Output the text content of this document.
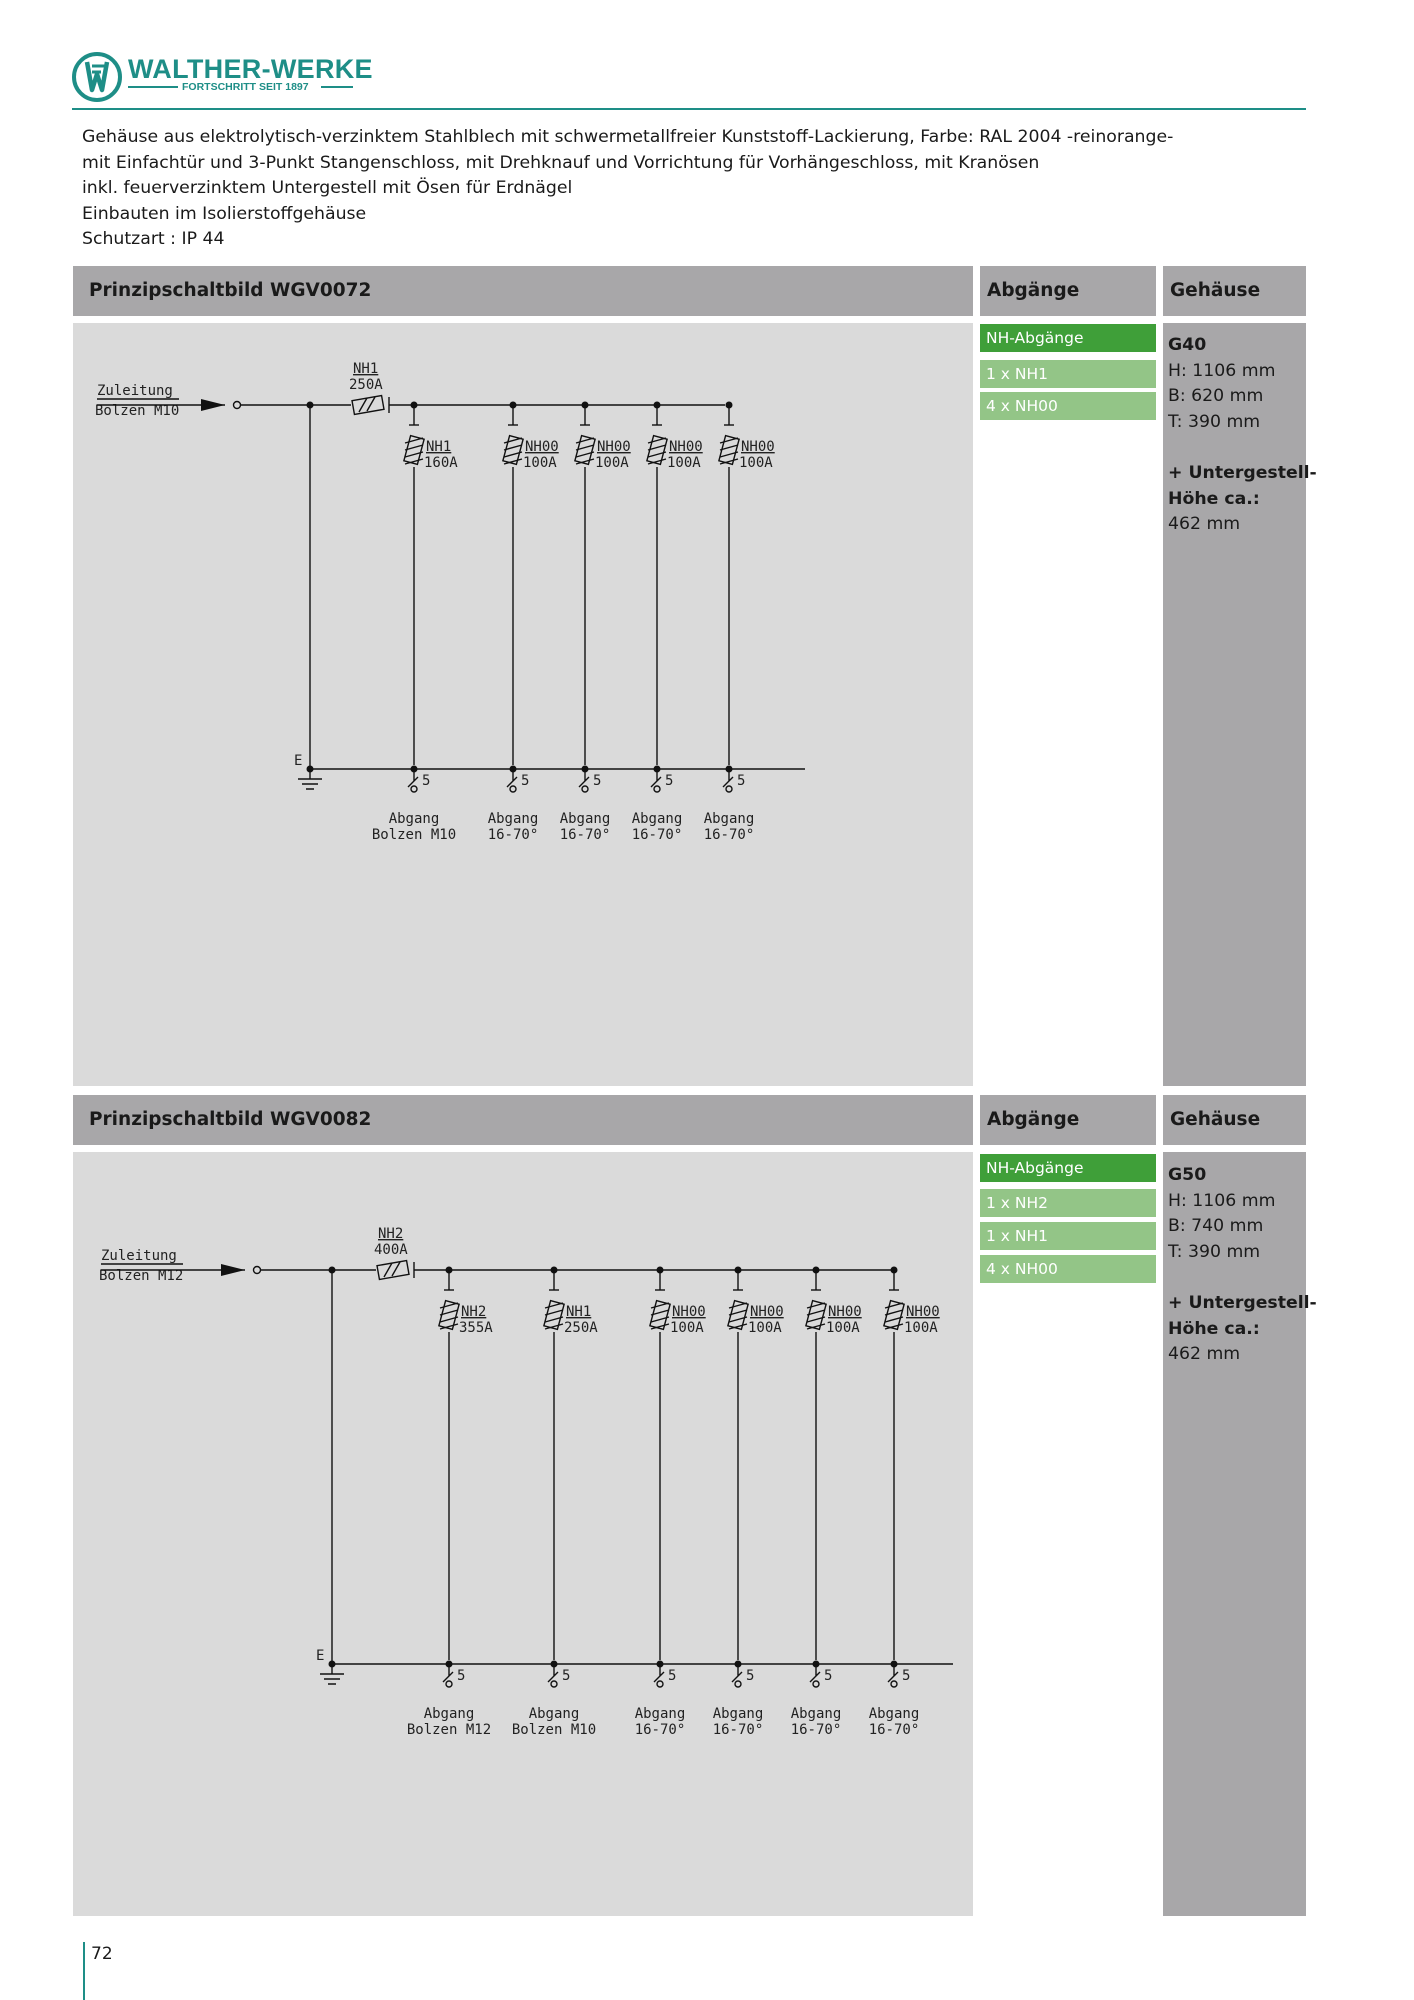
WALTHER-WERKE
FORTSCHRITT SEIT 1897
Gehäuse aus elektrolytisch-verzinktem Stahlblech mit schwermetallfreier Kunststoff-Lackierung, Farbe: RAL 2004 -reinorange-
mit Einfachtür und 3-Punkt Stangenschloss, mit Drehknauf und Vorrichtung für Vorhängeschloss, mit Kranösen
inkl. feuerverzinktem Untergestell mit Ösen für Erdnägel
Einbauten im Isolierstoffgehäuse
Schutzart : IP 44
Prinzipschaltbild WGV0072	Abgänge	Gehäuse
Zuleitung
Bolzen M10
NH1
250A
E
NH1
160A
5
Abgang
Bolzen M10
NH00
100A
5
Abgang
16-70°
NH00
100A
5
Abgang
16-70°
NH00
100A
5
Abgang
16-70°
NH00
100A
5
Abgang
16-70°
NH-Abgänge
1 x NH1
4 x NH00
G40
H: 1106 mm
B: 620 mm
T: 390 mm
+ Untergestell-
Höhe ca.:
462 mm
Prinzipschaltbild WGV0082	Abgänge	Gehäuse
Zuleitung
Bolzen M12
NH2
400A
E
NH2
355A
5
Abgang
Bolzen M12
NH1
250A
5
Abgang
Bolzen M10
NH00
100A
5
Abgang
16-70°
NH00
100A
5
Abgang
16-70°
NH00
100A
5
Abgang
16-70°
NH00
100A
5
Abgang
16-70°
NH-Abgänge
1 x NH2
1 x NH1
4 x NH00
G50
H: 1106 mm
B: 740 mm
T: 390 mm
+ Untergestell-
Höhe ca.:
462 mm
72
